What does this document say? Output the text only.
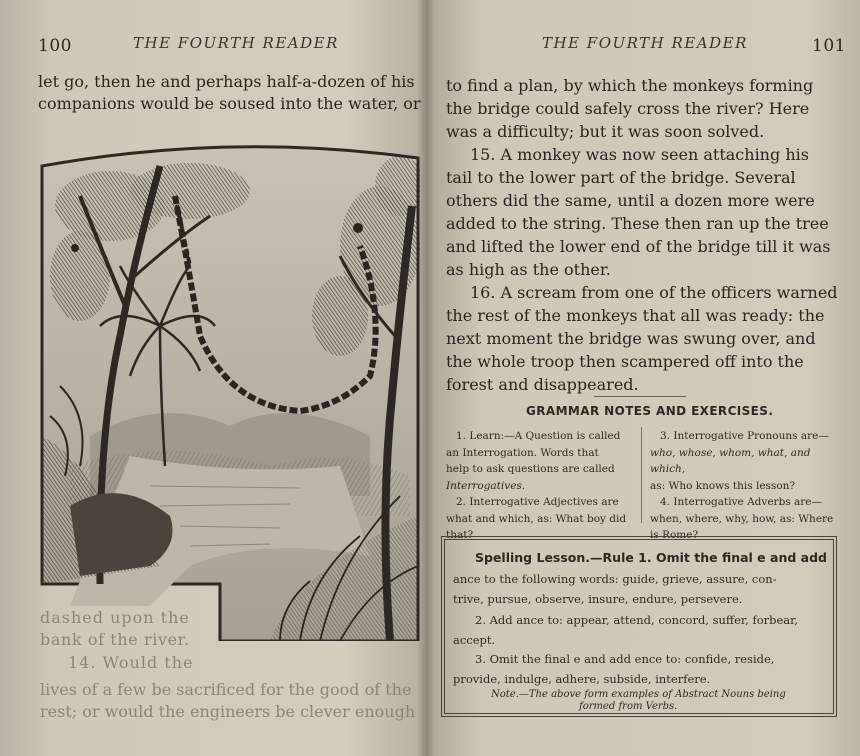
100	THE FOURTH READER
let go, then he and perhaps half-a-dozen of his
companions would be soused into the water, or
dashed upon the
bank of the river.
14. Would the
lives of a few be sacrificed for the good of the
rest; or would the engineers be clever enough
THE FOURTH READER	101
to find a plan, by which the monkeys forming
the bridge could safely cross the river? Here
was a difficulty; but it was soon solved.
15. A monkey was now seen attaching his
tail to the lower part of the bridge. Several
others did the same, until a dozen more were
added to the string. These then ran up the tree
and lifted the lower end of the bridge till it was
as high as the other.
16. A scream from one of the officers warned
the rest of the monkeys that all was ready: the
next moment the bridge was swung over, and
the whole troop then scampered off into the
forest and disappeared.
GRAMMAR NOTES AND EXERCISES.
1. Learn:—A Question is called
an Interrogation. Words that
help to ask questions are called
Interrogatives.
2. Interrogative Adjectives are
what and which, as: What boy did
that?
3. Interrogative Pronouns are—
who, whose, whom, what, and which,
as: Who knows this lesson?
4. Interrogative Adverbs are—
when, where, why, how, as: Where
is Rome?
Spelling Lesson.—Rule 1. Omit the final e and add
ance to the following words: guide, grieve, assure, con-
trive, pursue, observe, insure, endure, persevere.
2. Add ance to: appear, attend, concord, suffer, forbear,
accept.
3. Omit the final e and add ence to: confide, reside,
provide, indulge, adhere, subside, interfere.
Note.—The above form examples of Abstract Nouns being
formed from Verbs.
